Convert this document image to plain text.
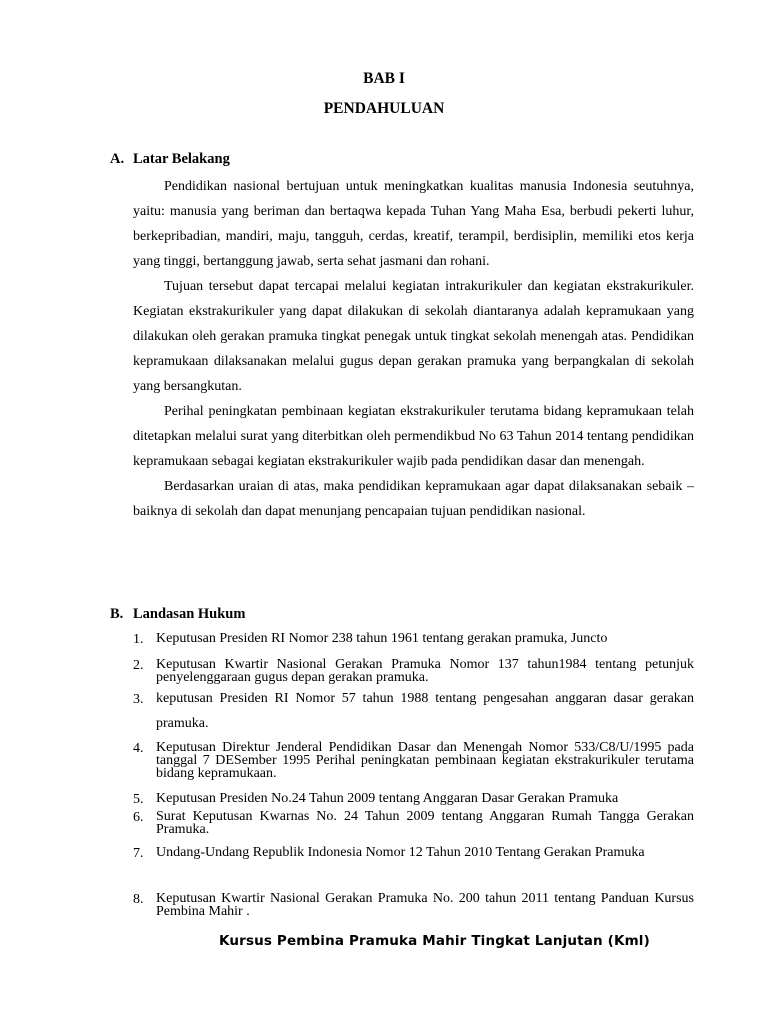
BAB I
PENDAHULUAN
A. Latar Belakang

Pendidikan nasional bertujuan untuk meningkatkan kualitas manusia Indonesia seutuhnya, yaitu: manusia yang beriman dan bertaqwa kepada Tuhan Yang Maha Esa, berbudi pekerti luhur, berkepribadian, mandiri, maju, tangguh, cerdas, kreatif, terampil, berdisiplin, memiliki etos kerja yang tinggi, bertanggung jawab, serta sehat jasmani dan rohani.

Tujuan tersebut dapat tercapai melalui kegiatan intrakurikuler dan kegiatan ekstrakurikuler. Kegiatan ekstrakurikuler yang dapat dilakukan di sekolah diantaranya adalah kepramukaan yang dilakukan oleh gerakan pramuka tingkat penegak untuk tingkat sekolah menengah atas. Pendidikan kepramukaan dilaksanakan melalui gugus depan gerakan pramuka yang berpangkalan di sekolah yang bersangkutan.

Perihal peningkatan pembinaan kegiatan ekstrakurikuler terutama bidang kepramukaan telah ditetapkan melalui surat yang diterbitkan oleh permendikbud No 63 Tahun 2014 tentang pendidikan kepramukaan sebagai kegiatan ekstrakurikuler wajib pada pendidikan dasar dan menengah.

Berdasarkan uraian di atas, maka pendidikan kepramukaan agar dapat dilaksanakan sebaik – baiknya di sekolah dan dapat menunjang pencapaian tujuan pendidikan nasional.

B. Landasan Hukum
1. Keputusan Presiden RI Nomor 238 tahun 1961 tentang gerakan pramuka, Juncto
2. Keputusan Kwartir Nasional Gerakan Pramuka Nomor 137 tahun1984 tentang petunjuk penyelenggaraan gugus depan gerakan pramuka.
3. keputusan Presiden RI Nomor 57 tahun 1988 tentang pengesahan anggaran dasar gerakan pramuka.
4. Keputusan Direktur Jenderal Pendidikan Dasar dan Menengah Nomor 533/C8/U/1995 pada tanggal 7 DESember 1995 Perihal peningkatan pembinaan kegiatan ekstrakurikuler terutama bidang kepramukaan.
5. Keputusan Presiden No.24 Tahun 2009 tentang Anggaran Dasar Gerakan Pramuka
6. Surat Keputusan Kwarnas No. 24 Tahun 2009 tentang Anggaran Rumah Tangga Gerakan Pramuka.
7. Undang-Undang Republik Indonesia Nomor 12 Tahun 2010 Tentang Gerakan Pramuka
8. Keputusan Kwartir Nasional Gerakan Pramuka No. 200 tahun 2011 tentang Panduan Kursus Pembina Mahir .
Kursus Pembina Pramuka Mahir Tingkat Lanjutan (Kml)
